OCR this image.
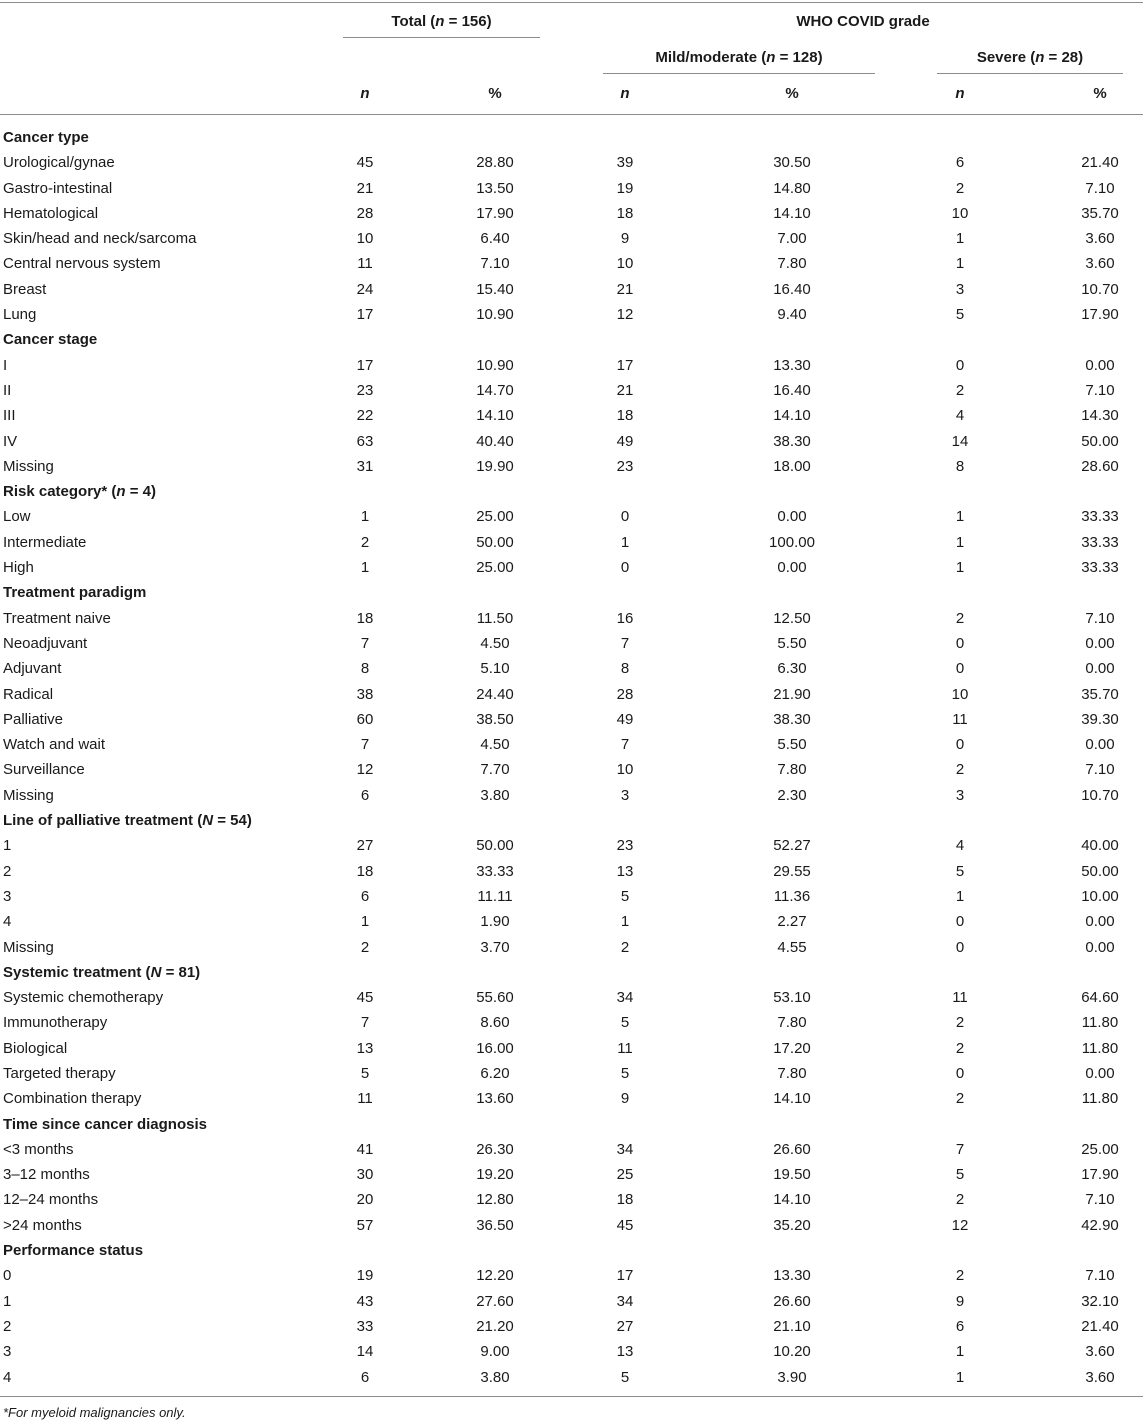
Total (n = 156)	WHO COVID grade
Mild/moderate (n = 128)	Severe (n = 28)
n	%	n	%	n	%
Cancer type
Urological/gynae	45	28.80	39	30.50	6	21.40
Gastro-intestinal	21	13.50	19	14.80	2	7.10
Hematological	28	17.90	18	14.10	10	35.70
Skin/head and neck/sarcoma	10	6.40	9	7.00	1	3.60
Central nervous system	11	7.10	10	7.80	1	3.60
Breast	24	15.40	21	16.40	3	10.70
Lung	17	10.90	12	9.40	5	17.90
Cancer stage
I	17	10.90	17	13.30	0	0.00
II	23	14.70	21	16.40	2	7.10
III	22	14.10	18	14.10	4	14.30
IV	63	40.40	49	38.30	14	50.00
Missing	31	19.90	23	18.00	8	28.60
Risk category* (n = 4)
Low	1	25.00	0	0.00	1	33.33
Intermediate	2	50.00	1	100.00	1	33.33
High	1	25.00	0	0.00	1	33.33
Treatment paradigm
Treatment naive	18	11.50	16	12.50	2	7.10
Neoadjuvant	7	4.50	7	5.50	0	0.00
Adjuvant	8	5.10	8	6.30	0	0.00
Radical	38	24.40	28	21.90	10	35.70
Palliative	60	38.50	49	38.30	11	39.30
Watch and wait	7	4.50	7	5.50	0	0.00
Surveillance	12	7.70	10	7.80	2	7.10
Missing	6	3.80	3	2.30	3	10.70
Line of palliative treatment (N = 54)
1	27	50.00	23	52.27	4	40.00
2	18	33.33	13	29.55	5	50.00
3	6	11.11	5	11.36	1	10.00
4	1	1.90	1	2.27	0	0.00
Missing	2	3.70	2	4.55	0	0.00
Systemic treatment (N = 81)
Systemic chemotherapy	45	55.60	34	53.10	11	64.60
Immunotherapy	7	8.60	5	7.80	2	11.80
Biological	13	16.00	11	17.20	2	11.80
Targeted therapy	5	6.20	5	7.80	0	0.00
Combination therapy	11	13.60	9	14.10	2	11.80
Time since cancer diagnosis
<3 months	41	26.30	34	26.60	7	25.00
3–12 months	30	19.20	25	19.50	5	17.90
12–24 months	20	12.80	18	14.10	2	7.10
>24 months	57	36.50	45	35.20	12	42.90
Performance status
0	19	12.20	17	13.30	2	7.10
1	43	27.60	34	26.60	9	32.10
2	33	21.20	27	21.10	6	21.40
3	14	9.00	13	10.20	1	3.60
4	6	3.80	5	3.90	1	3.60
*For myeloid malignancies only.
